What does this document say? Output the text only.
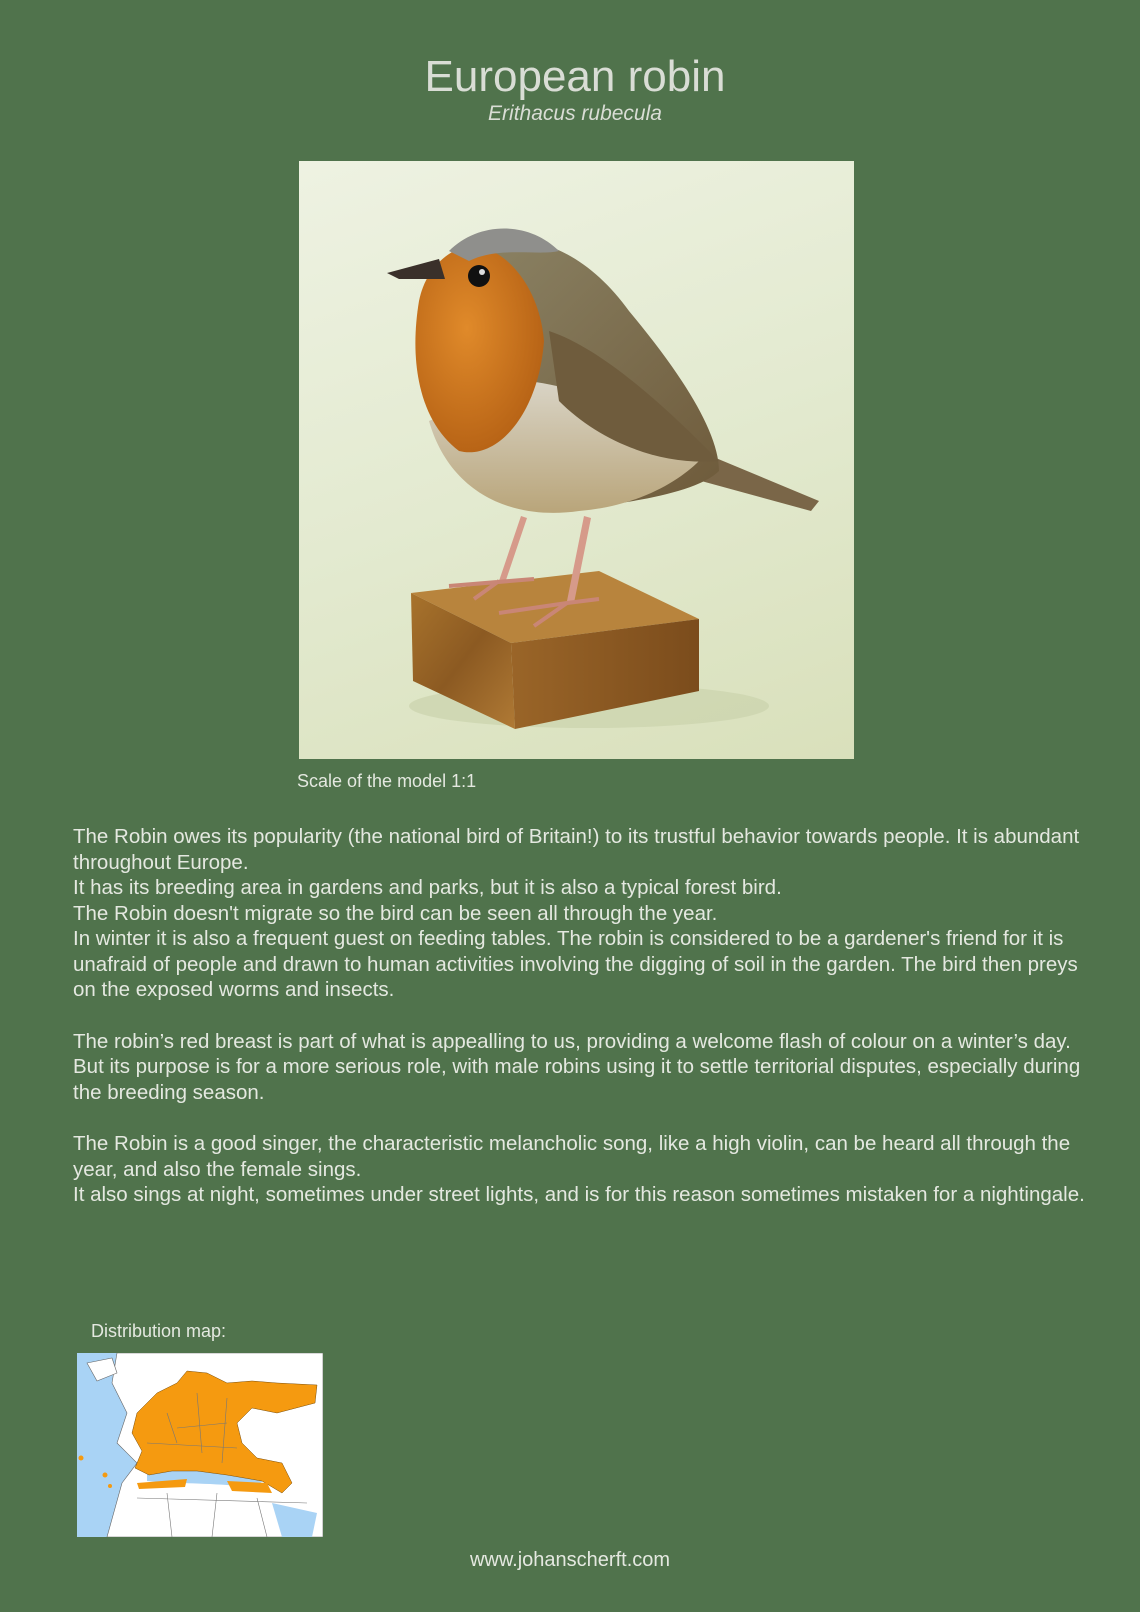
European robin
Erithacus rubecula
Scale of the model 1:1

The Robin owes its popularity (the national bird of Britain!) to its trustful behavior towards people. It is abundant throughout Europe.
It has its breeding area in gardens and parks, but it is also a typical forest bird.
The Robin doesn't migrate so the bird can be seen all through the year.
In winter it is also a frequent guest on feeding tables. The robin is considered to be a gardener's friend for it is unafraid of people and drawn to human activities involving the digging of soil in the garden. The bird then preys on the exposed worms and insects.

The robin’s red breast is part of what is appealling to us, providing a welcome flash of colour on a winter’s day.
But its purpose is for a more serious role, with male robins using it to settle territorial disputes, especially during the breeding season.

The Robin is a good singer, the characteristic melancholic song, like a high violin, can be heard all through the year, and also the female sings.
It also sings at night, sometimes under street lights, and is for this reason sometimes mistaken for a nightingale.

Distribution map:
www.johanscherft.com
